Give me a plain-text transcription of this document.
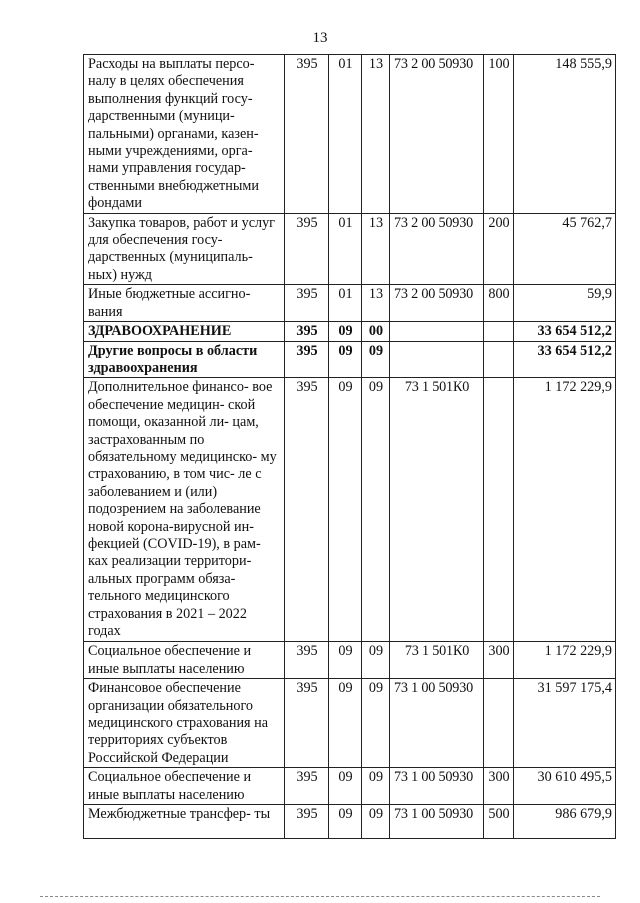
13
Расходы на выплаты персо- налу в целях обеспечения выполнения функций госу- дарственными (муници- пальными) органами, казен- ными учреждениями, орга- нами управления государ- ственными внебюджетными фондами	395	01	13	73 2 00 50930	100	148 555,9
Закупка товаров, работ и услуг для обеспечения госу- дарственных (муниципаль- ных) нужд	395	01	13	73 2 00 50930	200	45 762,7
Иные бюджетные ассигно- вания	395	01	13	73 2 00 50930	800	59,9
ЗДРАВООХРАНЕНИЕ	395	09	00			33 654 512,2
Другие вопросы в области здравоохранения	395	09	09			33 654 512,2
Дополнительное финансо- вое обеспечение медицин- ской помощи, оказанной ли- цам, застрахованным по обязательному медицинско- му страхованию, в том чис- ле с заболеванием и (или) подозрением на заболевание новой корона-вирусной ин- фекцией (COVID-19), в рам- ках реализации территори- альных программ обяза- тельного медицинского страхования в 2021 – 2022 годах	395	09	09	73 1 501К0		1 172 229,9
Социальное обеспечение и иные выплаты населению	395	09	09	73 1 501К0	300	1 172 229,9
Финансовое обеспечение организации обязательного медицинского страхования на территориях субъектов Российской Федерации	395	09	09	73 1 00 50930		31 597 175,4
Социальное обеспечение и иные выплаты населению	395	09	09	73 1 00 50930	300	30 610 495,5
Межбюджетные трансфер- ты	395	09	09	73 1 00 50930	500	986 679,9
